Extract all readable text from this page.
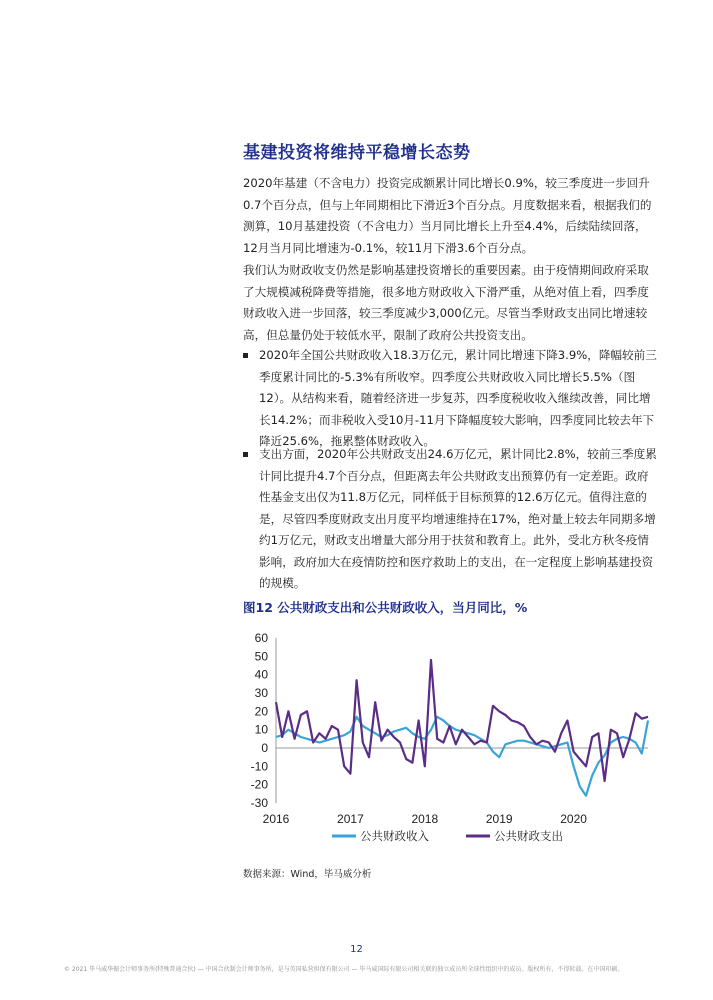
基建投资将维持平稳增长态势

2020年基建（不含电力）投资完成额累计同比增长0.9%，较三季度进一步回升0.7个百分点，但与上年同期相比下滑近3个百分点。月度数据来看，根据我们的测算，10月基建投资（不含电力）当月同比增长上升至4.4%，后续陆续回落，12月当月同比增速为-0.1%，较11月下滑3.6个百分点。

我们认为财政收支仍然是影响基建投资增长的重要因素。由于疫情期间政府采取了大规模减税降费等措施，很多地方财政收入下滑严重，从绝对值上看，四季度财政收入进一步回落，较三季度减少3,000亿元。尽管当季财政支出同比增速较高，但总量仍处于较低水平，限制了政府公共投资支出。

2020年全国公共财政收入18.3万亿元，累计同比增速下降3.9%，降幅较前三季度累计同比的-5.3%有所收窄。四季度公共财政收入同比增长5.5%（图12）。从结构来看，随着经济进一步复苏，四季度税收收入继续改善，同比增长14.2%；而非税收入受10月-11月下降幅度较大影响，四季度同比较去年下降近25.6%，拖累整体财政收入。
支出方面，2020年公共财政支出24.6万亿元，累计同比2.8%，较前三季度累计同比提升4.7个百分点，但距离去年公共财政支出预算仍有一定差距。政府性基金支出仅为11.8万亿元，同样低于目标预算的12.6万亿元。值得注意的是，尽管四季度财政支出月度平均增速维持在17%，绝对量上较去年同期多增约1万亿元，财政支出增量大部分用于扶贫和教育上。此外，受北方秋冬疫情影响，政府加大在疫情防控和医疗救助上的支出，在一定程度上影响基建投资的规模。
图12 公共财政支出和公共财政收入，当月同比，%
60
50
40
30
20
10
0
-10
-20
-30
2016	2017	2018	2019	2020
公共财政收入	公共财政支出
数据来源：Wind，毕马威分析
12
© 2021 毕马威华振会计师事务所(特殊普通合伙) — 中国合伙制会计师事务所，是与英国私营担保有限公司 — 毕马威国际有限公司相关联的独立成员所全球性组织中的成员。版权所有，不得转载。在中国印刷。
